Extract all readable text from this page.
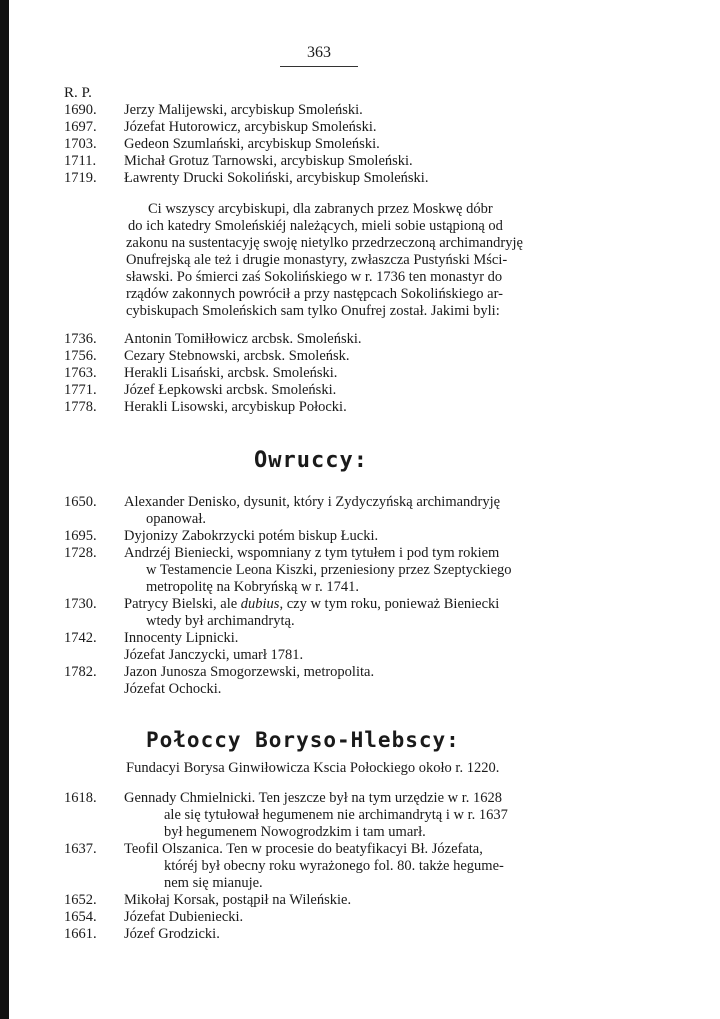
363
R. P.
1690. Jerzy Malijewski, arcybiskup Smoleński.
1697. Józefat Hutorowicz, arcybiskup Smoleński.
1703. Gedeon Szumlański, arcybiskup Smoleński.
1711. Michał Grotuz Tarnowski, arcybiskup Smoleński.
1719. Ławrenty Drucki Sokoliński, arcybiskup Smoleński.
Ci wszyscy arcybiskupi, dla zabranych przez Moskwę dóbr
do ich katedry Smoleńskiéj należących, mieli sobie ustąpioną od
zakonu na sustentacyję swoję nietylko przedrzeczoną archimandryję
Onufrejską ale też i drugie monastyry, zwłaszcza Pustyński Mści-
sławski. Po śmierci zaś Sokolińskiego w r. 1736 ten monastyr do
rządów zakonnych powrócił a przy następcach Sokolińskiego ar-
cybiskupach Smoleńskich sam tylko Onufrej został. Jakimi byli:
1736. Antonin Tomiłłowicz arcbsk. Smoleński.
1756. Cezary Stebnowski, arcbsk. Smoleńsk.
1763. Herakli Lisański, arcbsk. Smoleński.
1771. Józef Łepkowski arcbsk. Smoleński.
1778. Herakli Lisowski, arcybiskup Połocki.
Owruccy:
1650. Alexander Denisko, dysunit, który i Zydyczyńską archimandryję
opanował.
1695. Dyjonizy Zabokrzycki potém biskup Łucki.
1728. Andrzéj Bieniecki, wspomniany z tym tytułem i pod tym rokiem
w Testamencie Leona Kiszki, przeniesiony przez Szeptyckiego
metropolitę na Kobryńską w r. 1741.
1730. Patrycy Bielski, ale dubius, czy w tym roku, ponieważ Bieniecki
wtedy był archimandrytą.
1742. Innocenty Lipnicki.
Józefat Janczycki, umarł 1781.
1782. Jazon Junosza Smogorzewski, metropolita.
Józefat Ochocki.
Połoccy Boryso-Hlebscy:
Fundacyi Borysa Ginwiłowicza Kscia Połockiego około r. 1220.
1618. Gennady Chmielnicki. Ten jeszcze był na tym urzędzie w r. 1628
ale się tytułował hegumenem nie archimandrytą i w r. 1637
był hegumenem Nowogrodzkim i tam umarł.
1637. Teofil Olszanica. Ten w procesie do beatyfikacyi Bł. Józefata,
któréj był obecny roku wyrażonego fol. 80. także hegume-
nem się mianuje.
1652. Mikołaj Korsak, postąpił na Wileńskie.
1654. Józefat Dubieniecki.
1661. Józef Grodzicki.
